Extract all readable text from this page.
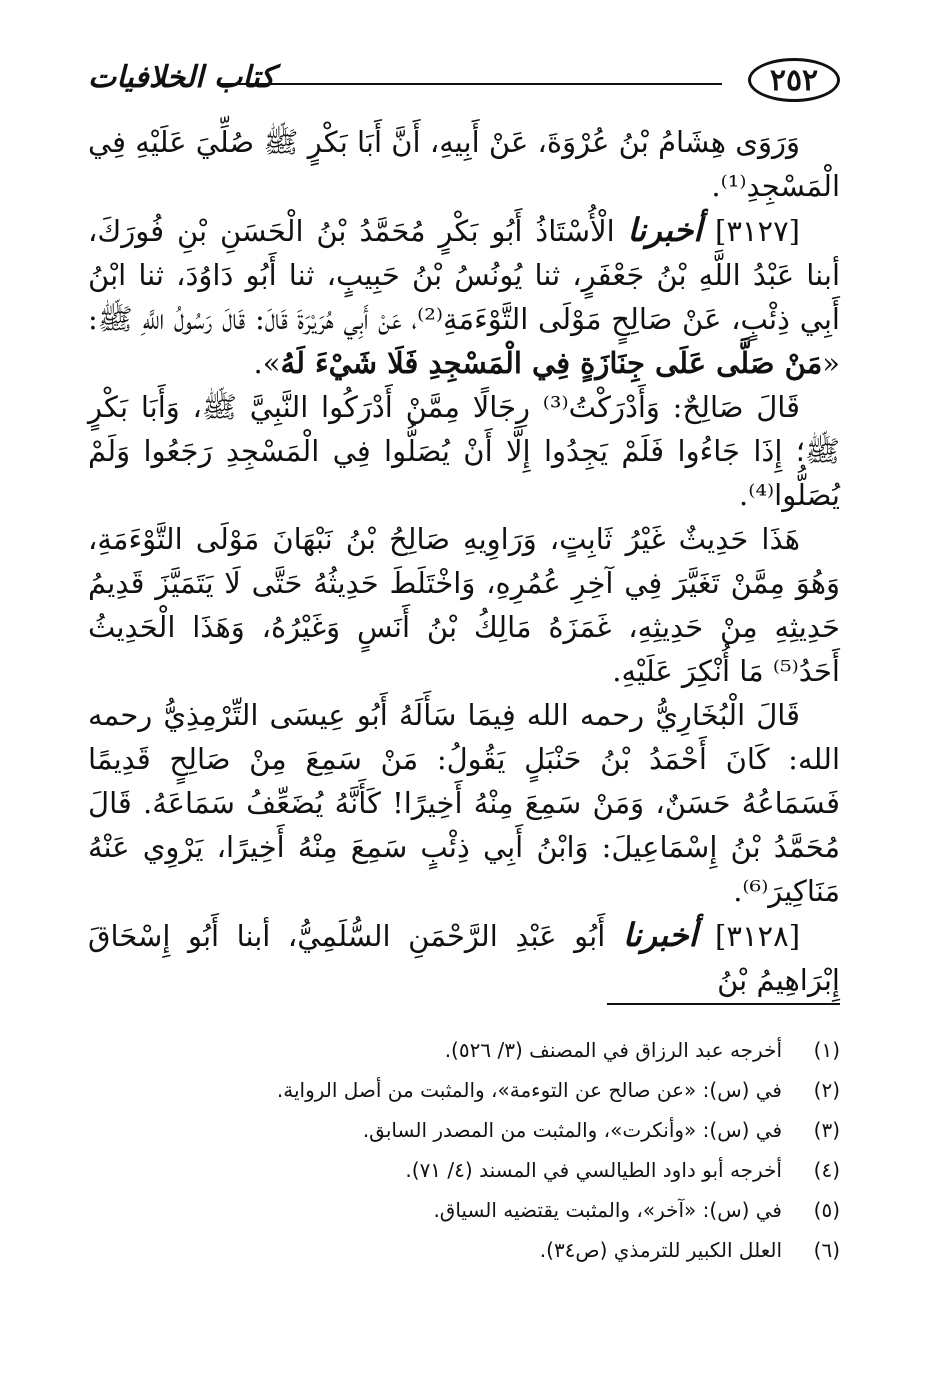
٢٥٢
كتاب الخلافيات

وَرَوَى هِشَامُ بْنُ عُرْوَةَ، عَنْ أَبِيهِ، أَنَّ أَبَا بَكْرٍ ﷺ صُلِّيَ عَلَيْهِ فِي الْمَسْجِدِ⁽¹⁾.

[٣١٢٧] أخبرنا الْأُسْتَاذُ أَبُو بَكْرٍ مُحَمَّدُ بْنُ الْحَسَنِ بْنِ فُورَكَ، أبنا عَبْدُ اللَّهِ بْنُ جَعْفَرٍ، ثنا يُونُسُ بْنُ حَبِيبٍ، ثنا أَبُو دَاوُدَ، ثنا ابْنُ أَبِي ذِئْبٍ، عَنْ صَالِحٍ مَوْلَى التَّوْءَمَةِ⁽²⁾، عَنْ أَبِي هُرَيْرَةَ قَالَ: قَالَ رَسُولُ اللَّهِ ﷺ: «مَنْ صَلَّى عَلَى جِنَازَةٍ فِي الْمَسْجِدِ فَلَا شَيْءَ لَهُ».

قَالَ صَالِحٌ: وَأَدْرَكْتُ⁽³⁾ رِجَالًا مِمَّنْ أَدْرَكُوا النَّبِيَّ ﷺ، وَأَبَا بَكْرٍ ﷺ؛ إِذَا جَاءُوا فَلَمْ يَجِدُوا إِلَّا أَنْ يُصَلُّوا فِي الْمَسْجِدِ رَجَعُوا وَلَمْ يُصَلُّوا⁽⁴⁾.

هَذَا حَدِيثٌ غَيْرُ ثَابِتٍ، وَرَاوِيهِ صَالِحُ بْنُ نَبْهَانَ مَوْلَى التَّوْءَمَةِ، وَهُوَ مِمَّنْ تَغَيَّرَ فِي آخِرِ عُمُرِهِ، وَاخْتَلَطَ حَدِيثُهُ حَتَّى لَا يَتَمَيَّزَ قَدِيمُ حَدِيثِهِ مِنْ حَدِيثِهِ، غَمَزَهُ مَالِكُ بْنُ أَنَسٍ وَغَيْرُهُ، وَهَذَا الْحَدِيثُ أَحَدُ⁽⁵⁾ مَا أُنْكِرَ عَلَيْهِ.

قَالَ الْبُخَارِيُّ رحمه الله فِيمَا سَأَلَهُ أَبُو عِيسَى التِّرْمِذِيُّ رحمه الله: كَانَ أَحْمَدُ بْنُ حَنْبَلٍ يَقُولُ: مَنْ سَمِعَ مِنْ صَالِحٍ قَدِيمًا فَسَمَاعُهُ حَسَنٌ، وَمَنْ سَمِعَ مِنْهُ أَخِيرًا! كَأَنَّهُ يُضَعِّفُ سَمَاعَهُ. قَالَ مُحَمَّدُ بْنُ إِسْمَاعِيلَ: وَابْنُ أَبِي ذِئْبٍ سَمِعَ مِنْهُ أَخِيرًا، يَرْوِي عَنْهُ مَنَاكِيرَ⁽⁶⁾.

[٣١٢٨] أخبرنا أَبُو عَبْدِ الرَّحْمَنِ السُّلَمِيُّ، أبنا أَبُو إِسْحَاقَ إِبْرَاهِيمُ بْنُ

(١)
أخرجه عبد الرزاق في المصنف (٣/ ٥٢٦).
(٢)
في (س): «عن صالح عن التوءمة»، والمثبت من أصل الرواية.
(٣)
في (س): «وأنكرت»، والمثبت من المصدر السابق.
(٤)
أخرجه أبو داود الطيالسي في المسند (٤/ ٧١).
(٥)
في (س): «آخر»، والمثبت يقتضيه السياق.
(٦)
العلل الكبير للترمذي (ص٣٤).
